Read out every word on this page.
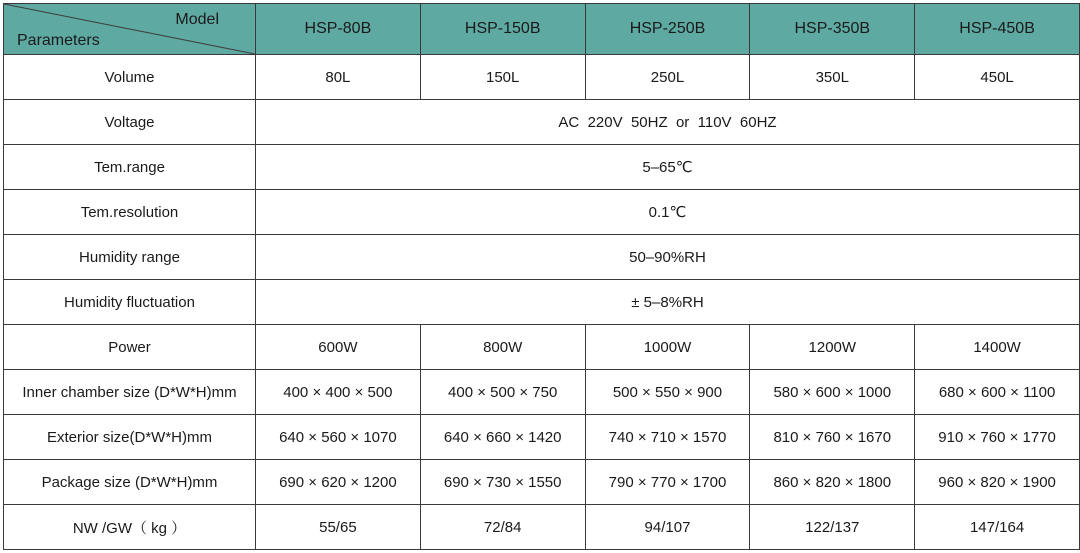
Model
Parameters	HSP-80B	HSP-150B	HSP-250B	HSP-350B	HSP-450B
Volume	80L	150L	250L	350L	450L
Voltage	AC  220V  50HZ  or  110V  60HZ				
Tem.range	5–65℃				
Tem.resolution	0.1℃				
Humidity range	50–90%RH				
Humidity fluctuation	± 5–8%RH				
Power	600W	800W	1000W	1200W	1400W
Inner chamber size (D*W*H)mm	400 × 400 × 500	400 × 500 × 750	500 × 550 × 900	580 × 600 × 1000	680 × 600 × 1100
Exterior size(D*W*H)mm	640 × 560 × 1070	640 × 660 × 1420	740 × 710 × 1570	810 × 760 × 1670	910 × 760 × 1770
Package size (D*W*H)mm	690 × 620 × 1200	690 × 730 × 1550	790 × 770 × 1700	860 × 820 × 1800	960 × 820 × 1900
NW /GW（ kg ）	55/65	72/84	94/107	122/137	147/164
